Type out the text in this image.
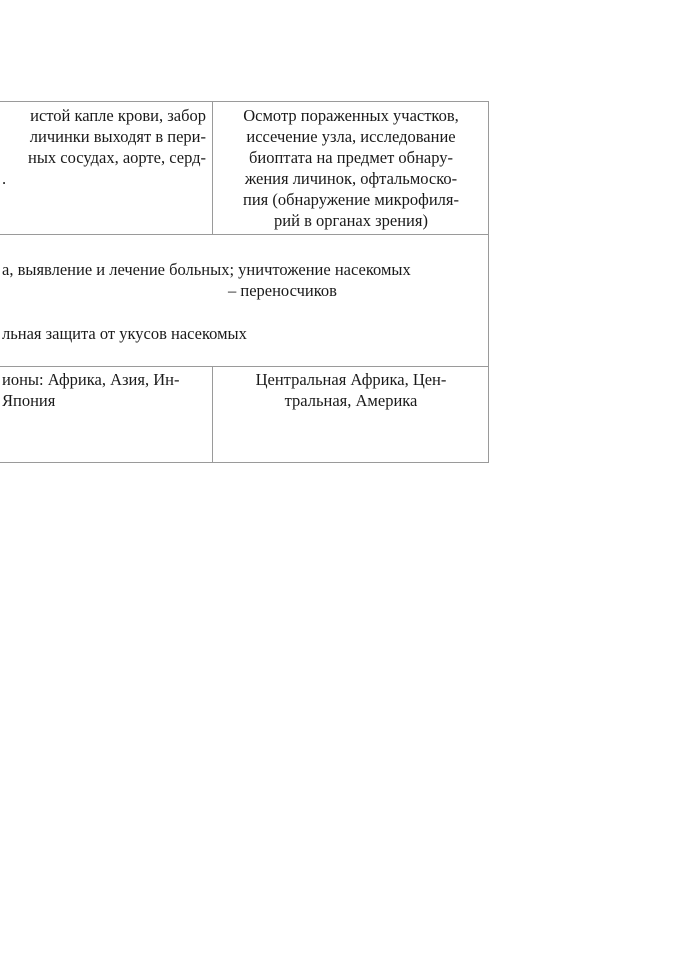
истой капле крови, забор
личинки выходят в пери-
ных сосудах, аорте, серд-
.
Осмотр пораженных участков,
иссечение узла, исследование
биоптата на предмет обнару-
жения личинок, офтальмоско-
пия (обнаружение микрофиля-
рий в органах зрения)
а, выявление и лечение больных; уничтожение насекомых
– переносчиков
льная защита от укусов насекомых
ионы: Африка, Азия, Ин-
Япония
Центральная Африка, Цен-
тральная, Америка
